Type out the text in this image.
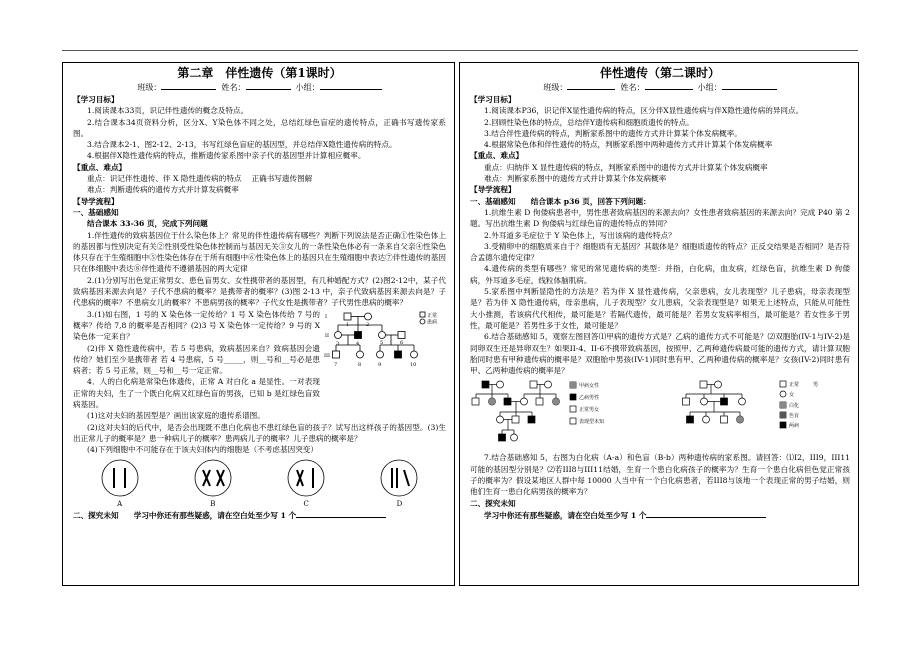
第二章　伴性遗传（第1课时）
班级：	姓名：	小组：

【学习目标】

1.阅读课本33页，识记伴性遗传的概念及特点。

2.结合课本34页资料分析，区分X、Y染色体不同之处，总结红绿色盲症的遗传特点，正确书写遗传家系图。

3.结合课本2-1、图2-12、2-13，书写红绿色盲症的基因型，并总结伴X隐性遗传病的特点。

4.根据伴X隐性遗传病的特点，推断遗传家系图中亲子代的基因型并计算相应概率。

【重点、难点】

重点：识记伴性遗传、伴 X 隐性遗传病的特点　 正确书写遗传图解

难点：判断遗传病的遗传方式并计算发病概率

【导学流程】

一、基础感知

结合课本 33-36 页，完成下列问题

1.伴性遗传的致病基因位于什么染色体上？常见的伴性遗传病有哪些？判断下列说法是否正确①性染色体上的基因都与性别决定有关②性别受性染色体控制而与基因无关③女儿的一条性染色体必有一条来自父亲④性染色体只存在于生殖细胞中⑤性染色体存在于所有细胞中⑥性染色体上的基因只在生殖细胞中表达⑦伴性遗传的基因只在体细胞中表达⑧伴性遗传不遵循基因的两大定律

2.(1)分别写出色觉正常男女、患色盲男女、女性携带者的基因型，有几种婚配方式？(2)图2-12中，某子代致病基因来源去向是？子代不患病的概率？是携带者的概率？(3)图 2-13 中，亲子代致病基因来源去向是？子代患病的概率？不患病女儿的概率？不患病男孩的概率？子代女性是携带者？子代男性患病的概率？

正常
患病
I
II
III
1	2
3	4	5	6
7	8	9	10

3.(1)如右图，1 号的 X 染色体一定传给？1 号 X 染色体传给 7 号的概率？传给 7,8 的概率是否相同？(2)3 号 X 染色体一定传给？9 号的 X 染色体一定来自？

(2)伴 X 隐性遗传病中，若 5 号患病，致病基因来自？致病基因会遗传给？她们至少是携带者 若 4 号患病，5 号_____，则__号和__号必是患病者；若 5 号正常，则__号和__号一定正常。

4．人的白化病是常染色体遗传，正常 A 对白化 a 是显性。一对表现正常的夫妇，生了一个既白化病又红绿色盲的男孩，已知 b 是红绿色盲致病基因。

(1)这对夫妇的基因型是？画出该家庭的遗传系谱图。

(2)这对夫妇的后代中，是否会出现既不患白化病也不患红绿色盲的孩子？试写出这样孩子的基因型。(3)生出正常儿子的概率是？患一种病儿子的概率？患两病儿子的概率？儿子患病的概率是？

(4)下列细胞中不可能存在于该夫妇体内的细胞是（不考虑基因突变）

A	B	C	D

二、探究未知　　学习中你还有那些疑惑，请在空白处至少写 1 个

伴性遗传（第二课时）
班级：	姓名：	小组：

【学习目标】

1.阅读课本P36，识记伴X显性遗传病的特点，区分伴X显性遗传病与伴X隐性遗传病的异同点。

2.回顾性染色体的特点，总结伴Y遗传病和细胞质遗传的特点。

3.结合伴性遗传病的特点，判断家系图中的遗传方式并计算某个体发病概率。

4.根据常染色体和伴性遗传的特点，判断家系图中两种遗传方式并计算某个体发病概率

【重点、难点】

重点：归纳伴 X 显性遗传病的特点，判断家系图中的遗传方式并计算某个体发病概率

难点：判断家系图中的遗传方式并计算某个体发病概率

【导学流程】

一、基础感知　　结合课本 p36 页，回答下列问题：

1.抗维生素 D 佝偻病患者中，男性患者致病基因的来源去向？女性患者致病基因的来源去向？完成 P40 第 2 题。写出抗维生素 D 佝偻病与红绿色盲的遗传特点的异同？

2.外耳道多毛症位于 Y 染色体上，写出该病的遗传特点？

3.受精卵中的细胞质来自于？细胞质有无基因？其载体是？细胞质遗传的特点？正反交结果是否相同？是否符合孟德尔遗传定律？

4.遗传病的类型有哪些？常见的常见遗传病的类型：并指，白化病，血友病，红绿色盲，抗维生素 D 佝偻病，外耳道多毛症，线粒体脑肌病。

5.家系图中判断显隐性的方法是？若为伴 X 显性遗传病，父亲患病，女儿表现型？儿子患病，母亲表现型是？若为伴 X 隐性遗传病，母亲患病，儿子表现型？女儿患病，父亲表现型是？如果无上述特点，只能从可能性大小推测，若该病代代相传，最可能是？若隔代遗传，最可能是？若男女发病率相当，最可能是？若女性多于男性，最可能是？若男性多于女性，最可能是？

6.结合基础感知 5，观察左图回答⑴甲病的遗传方式是？乙病的遗传方式不可能是？⑵双胞胎(IV-1与IV-2)是同卵双生还是异卵双生？如果II-4、II-6不携带致病基因，按照甲、乙两种遗传病最可能的遗传方式，请计算双胞胎同时患有甲种遗传病的概率是？双胞胎中男孩(IV-1)同时患有甲、乙两种遗传病的概率是？女孩(IV-2)同时患有甲、乙两种遗传病的概率是？

甲病女性
乙病男性
正常男女
表现型未知
正常	男
女
白化
色盲
两病

7.结合基础感知 5，右图为白化病（A-a）和色盲（B-b）两种遗传病的家系图。请回答：⑴I2，III9，III11 可能的基因型分别是？⑵若III8与III11结婚，生育一个患白化病孩子的概率为？生育一个患白化病但色觉正常孩子的概率为？假设某地区人群中每 10000 人当中有一个白化病患者，若III8与该地一个表现正常的男子结婚，则他们生育一患白化病男孩的概率为？

二、探究未知

学习中你还有那些疑惑，请在空白处至少写 1 个
